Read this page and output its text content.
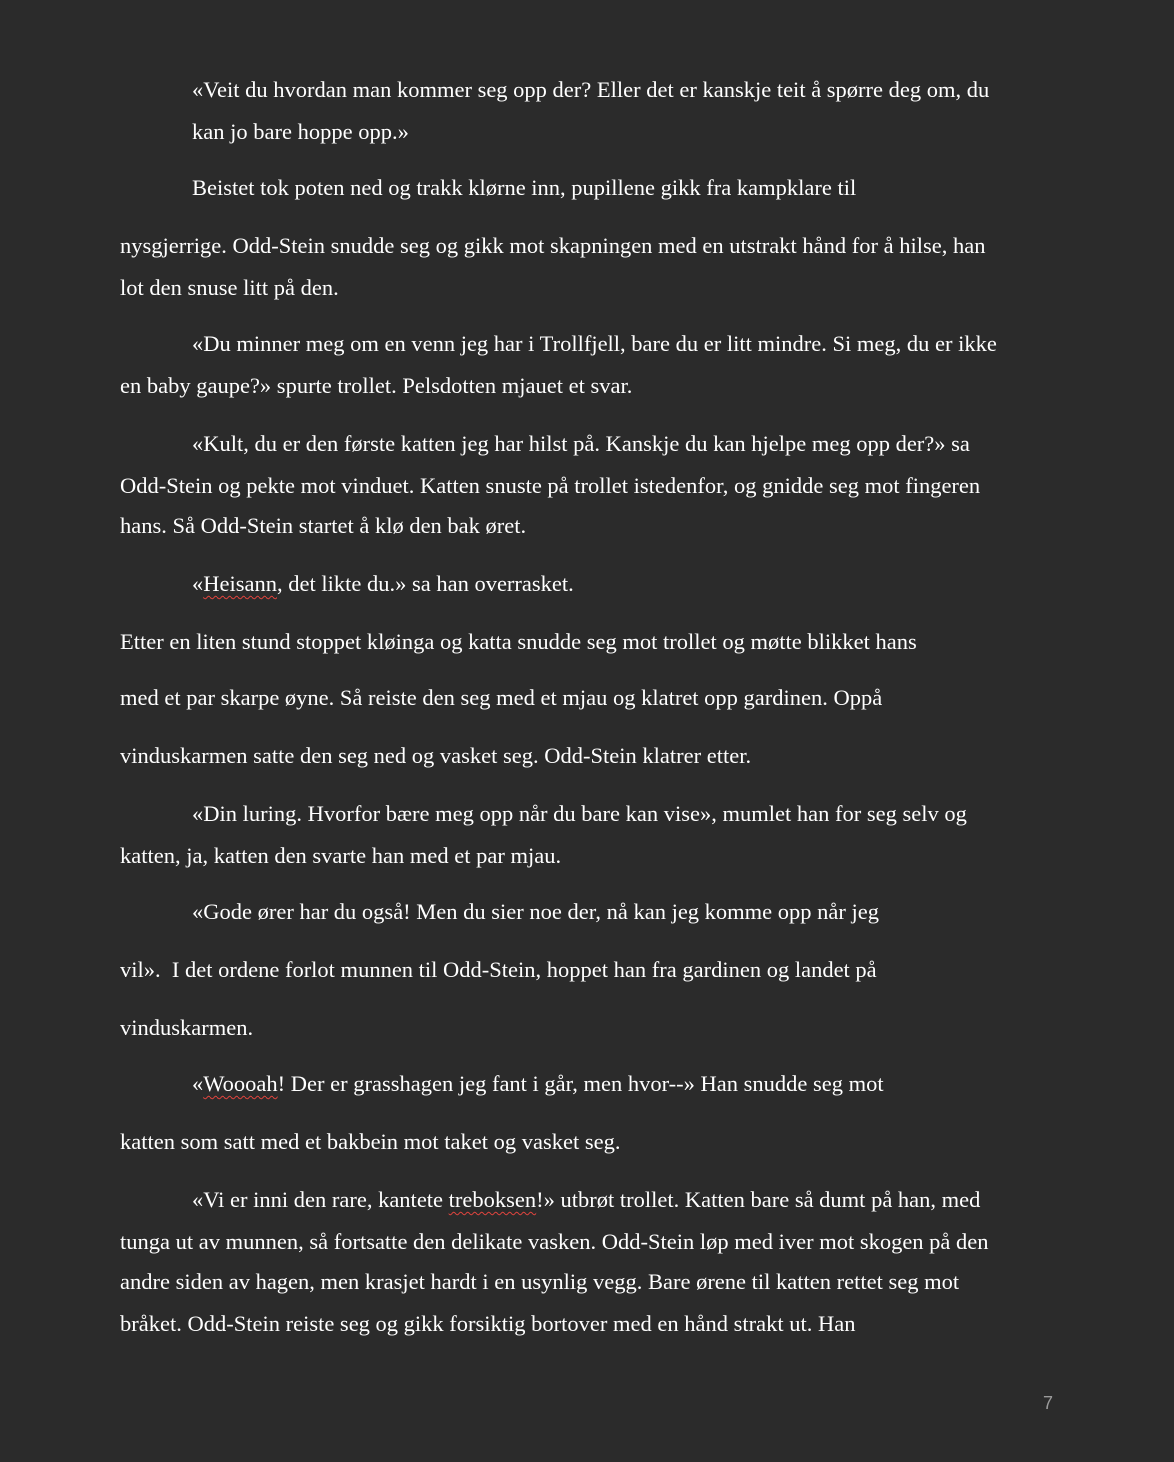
«Veit du hvordan man kommer seg opp der? Eller det er kanskje teit å spørre deg om, du
kan jo bare hoppe opp.»
Beistet tok poten ned og trakk klørne inn, pupillene gikk fra kampklare til
nysgjerrige. Odd-Stein snudde seg og gikk mot skapningen med en utstrakt hånd for å hilse, han
lot den snuse litt på den.
«Du minner meg om en venn jeg har i Trollfjell, bare du er litt mindre. Si meg, du er ikke
en baby gaupe?» spurte trollet. Pelsdotten mjauet et svar.
«Kult, du er den første katten jeg har hilst på. Kanskje du kan hjelpe meg opp der?» sa
Odd-Stein og pekte mot vinduet. Katten snuste på trollet istedenfor, og gnidde seg mot fingeren
hans. Så Odd-Stein startet å klø den bak øret.
«Heisann, det likte du.» sa han overrasket.
Etter en liten stund stoppet kløinga og katta snudde seg mot trollet og møtte blikket hans
med et par skarpe øyne. Så reiste den seg med et mjau og klatret opp gardinen. Oppå
vinduskarmen satte den seg ned og vasket seg. Odd-Stein klatrer etter.
«Din luring. Hvorfor bære meg opp når du bare kan vise», mumlet han for seg selv og
katten, ja, katten den svarte han med et par mjau.
«Gode ører har du også! Men du sier noe der, nå kan jeg komme opp når jeg
vil».  I det ordene forlot munnen til Odd-Stein, hoppet han fra gardinen og landet på
vinduskarmen.
«Woooah! Der er grasshagen jeg fant i går, men hvor--» Han snudde seg mot
katten som satt med et bakbein mot taket og vasket seg.
«Vi er inni den rare, kantete treboksen!» utbrøt trollet. Katten bare så dumt på han, med
tunga ut av munnen, så fortsatte den delikate vasken. Odd-Stein løp med iver mot skogen på den
andre siden av hagen, men krasjet hardt i en usynlig vegg. Bare ørene til katten rettet seg mot
bråket. Odd-Stein reiste seg og gikk forsiktig bortover med en hånd strakt ut. Han
7
